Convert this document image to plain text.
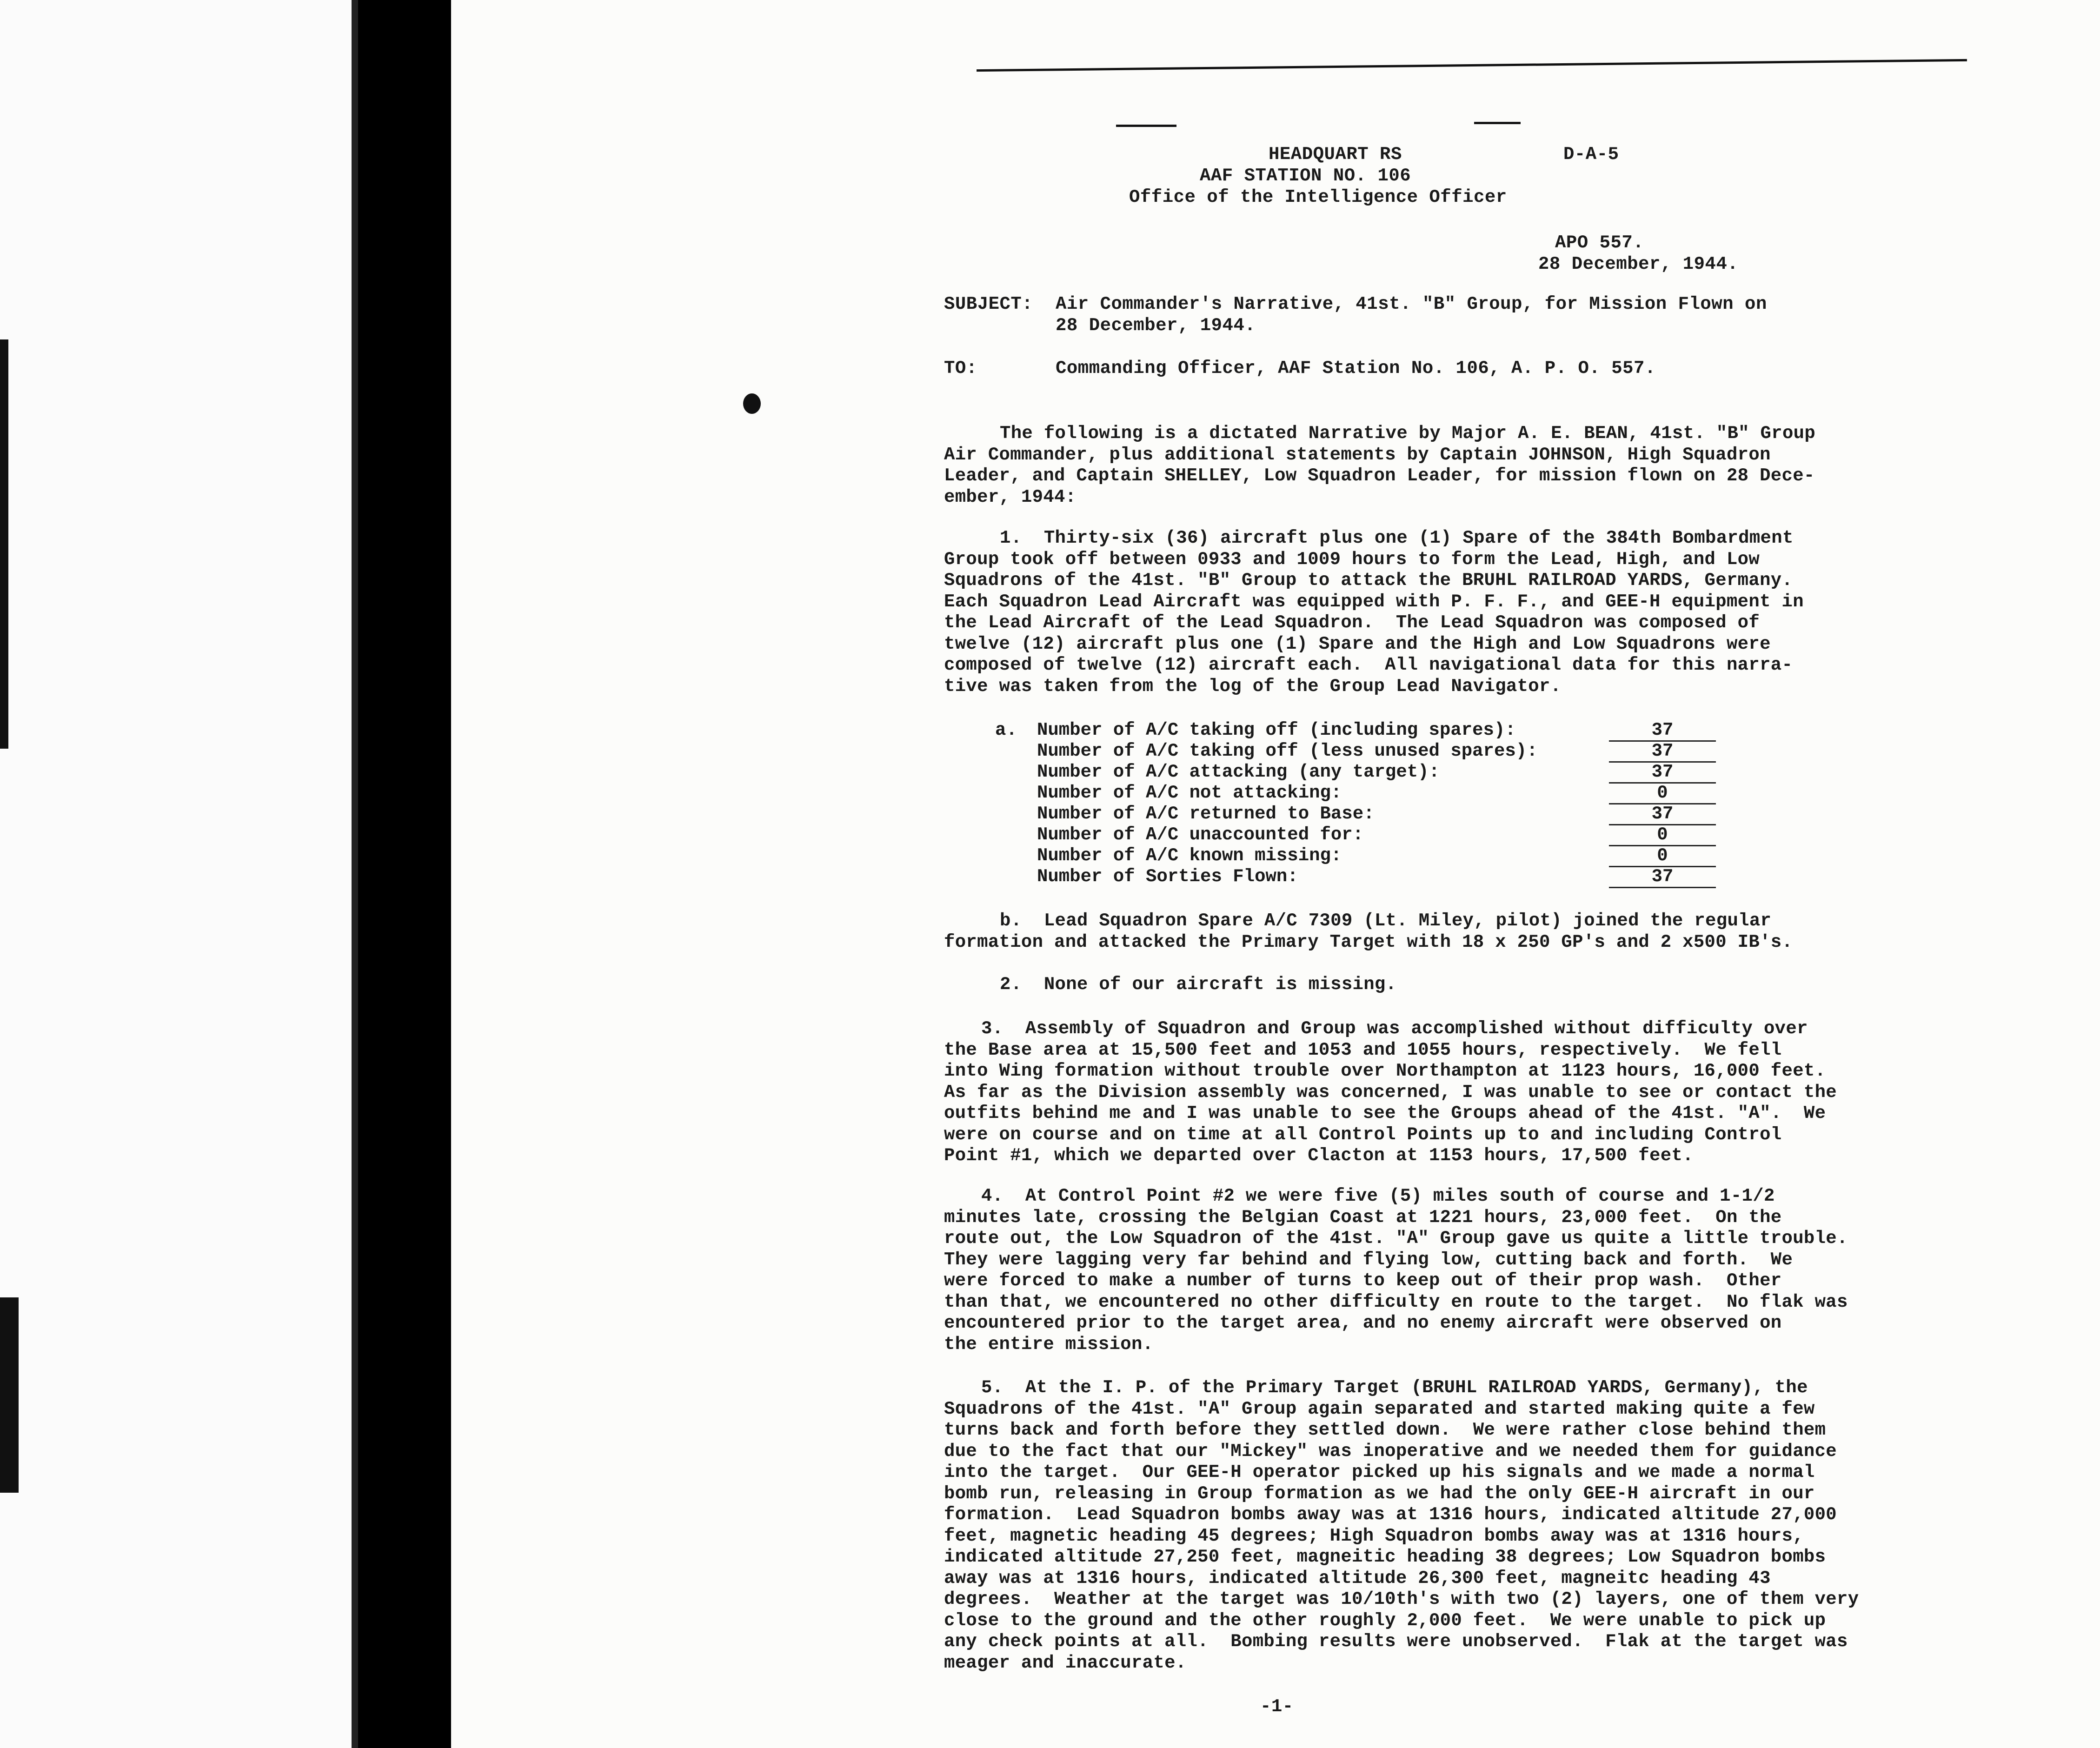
HEADQUART RS
AAF STATION NO. 106
Office of the Intelligence Officer
D-A-5
APO 557.
28 December, 1944.
SUBJECT: Air Commander's Narrative, 41st. "B" Group, for Mission Flown on
28 December, 1944.
TO:	Commanding Officer, AAF Station No. 106, A. P. O. 557.
The following is a dictated Narrative by Major A. E. BEAN, 41st. "B" Group
Air Commander, plus additional statements by Captain JOHNSON, High Squadron
Leader, and Captain SHELLEY, Low Squadron Leader, for mission flown on 28 Dece-
ember, 1944:
1.  Thirty-six (36) aircraft plus one (1) Spare of the 384th Bombardment
Group took off between 0933 and 1009 hours to form the Lead, High, and Low
Squadrons of the 41st. "B" Group to attack the BRUHL RAILROAD YARDS, Germany.
Each Squadron Lead Aircraft was equipped with P. F. F., and GEE-H equipment in
the Lead Aircraft of the Lead Squadron.  The Lead Squadron was composed of
twelve (12) aircraft plus one (1) Spare and the High and Low Squadrons were
composed of twelve (12) aircraft each.  All navigational data for this narra-
tive was taken from the log of the Group Lead Navigator.
a. Number of A/C taking off (including spares):	37
Number of A/C taking off (less unused spares):	37
Number of A/C attacking (any target):	37
Number of A/C not attacking:	0
Number of A/C returned to Base:	37
Number of A/C unaccounted for:	0
Number of A/C known missing:	0
Number of Sorties Flown:	37
b.  Lead Squadron Spare A/C 7309 (Lt. Miley, pilot) joined the regular
formation and attacked the Primary Target with 18 x 250 GP's and 2 x500 IB's.
2.  None of our aircraft is missing.
3.  Assembly of Squadron and Group was accomplished without difficulty over
the Base area at 15,500 feet and 1053 and 1055 hours, respectively.  We fell
into Wing formation without trouble over Northampton at 1123 hours, 16,000 feet.
As far as the Division assembly was concerned, I was unable to see or contact the
outfits behind me and I was unable to see the Groups ahead of the 41st. "A".  We
were on course and on time at all Control Points up to and including Control
Point #1, which we departed over Clacton at 1153 hours, 17,500 feet.
4.  At Control Point #2 we were five (5) miles south of course and 1-1/2
minutes late, crossing the Belgian Coast at 1221 hours, 23,000 feet.  On the
route out, the Low Squadron of the 41st. "A" Group gave us quite a little trouble.
They were lagging very far behind and flying low, cutting back and forth.  We
were forced to make a number of turns to keep out of their prop wash.  Other
than that, we encountered no other difficulty en route to the target.  No flak was
encountered prior to the target area, and no enemy aircraft were observed on
the entire mission.
5.  At the I. P. of the Primary Target (BRUHL RAILROAD YARDS, Germany), the
Squadrons of the 41st. "A" Group again separated and started making quite a few
turns back and forth before they settled down.  We were rather close behind them
due to the fact that our "Mickey" was inoperative and we needed them for guidance
into the target.  Our GEE-H operator picked up his signals and we made a normal
bomb run, releasing in Group formation as we had the only GEE-H aircraft in our
formation.  Lead Squadron bombs away was at 1316 hours, indicated altitude 27,000
feet, magnetic heading 45 degrees; High Squadron bombs away was at 1316 hours,
indicated altitude 27,250 feet, magneitic heading 38 degrees; Low Squadron bombs
away was at 1316 hours, indicated altitude 26,300 feet, magneitc heading 43
degrees.  Weather at the target was 10/10th's with two (2) layers, one of them very
close to the ground and the other roughly 2,000 feet.  We were unable to pick up
any check points at all.  Bombing results were unobserved.  Flak at the target was
meager and inaccurate.
-1-
